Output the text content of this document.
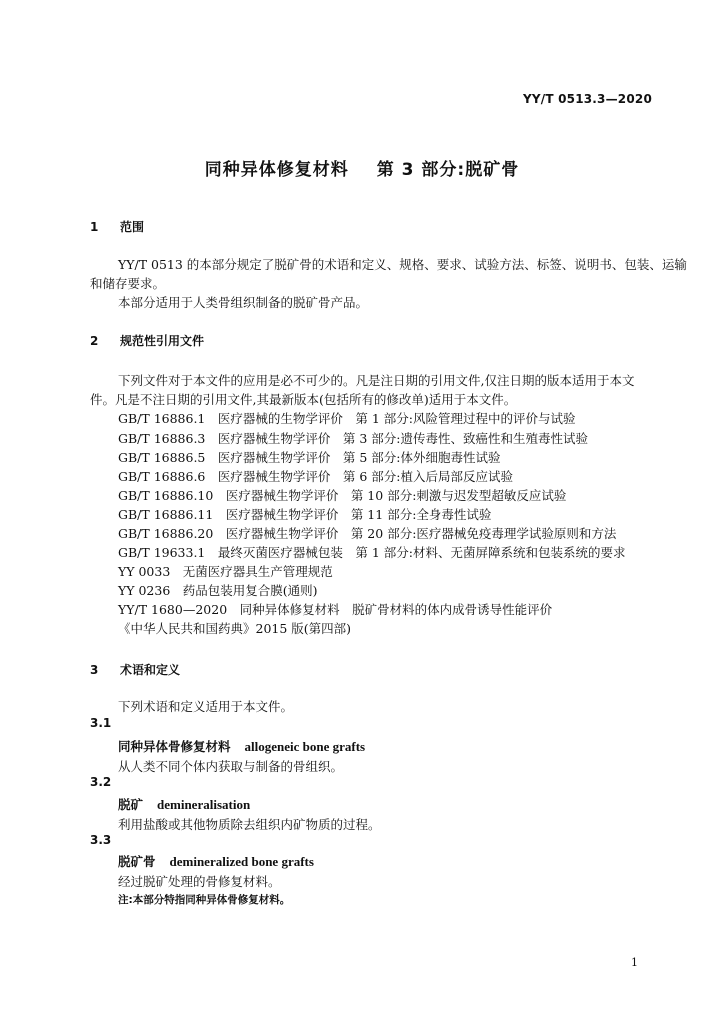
YY/T 0513.3—2020
同种异体修复材料 第 3 部分:脱矿骨
1 范围
YY/T 0513 的本部分规定了脱矿骨的术语和定义、规格、要求、试验方法、标签、说明书、包装、运输
和储存要求。
本部分适用于人类骨组织制备的脱矿骨产品。
2 规范性引用文件
下列文件对于本文件的应用是必不可少的。凡是注日期的引用文件,仅注日期的版本适用于本文
件。凡是不注日期的引用文件,其最新版本(包括所有的修改单)适用于本文件。
GB/T 16886.1　医疗器械的生物学评价　第 1 部分:风险管理过程中的评价与试验
GB/T 16886.3　医疗器械生物学评价　第 3 部分:遗传毒性、致癌性和生殖毒性试验
GB/T 16886.5　医疗器械生物学评价　第 5 部分:体外细胞毒性试验
GB/T 16886.6　医疗器械生物学评价　第 6 部分:植入后局部反应试验
GB/T 16886.10　医疗器械生物学评价　第 10 部分:刺激与迟发型超敏反应试验
GB/T 16886.11　医疗器械生物学评价　第 11 部分:全身毒性试验
GB/T 16886.20　医疗器械生物学评价　第 20 部分:医疗器械免疫毒理学试验原则和方法
GB/T 19633.1　最终灭菌医疗器械包装　第 1 部分:材料、无菌屏障系统和包装系统的要求
YY 0033　无菌医疗器具生产管理规范
YY 0236　药品包装用复合膜(通则)
YY/T 1680—2020　同种异体修复材料　脱矿骨材料的体内成骨诱导性能评价
《中华人民共和国药典》2015 版(第四部)
3 术语和定义
下列术语和定义适用于本文件。
3.1
同种异体骨修复材料 allogeneic bone grafts
从人类不同个体内获取与制备的骨组织。
3.2
脱矿 demineralisation
利用盐酸或其他物质除去组织内矿物质的过程。
3.3
脱矿骨 demineralized bone grafts
经过脱矿处理的骨修复材料。
注:本部分特指同种异体骨修复材料。
1
